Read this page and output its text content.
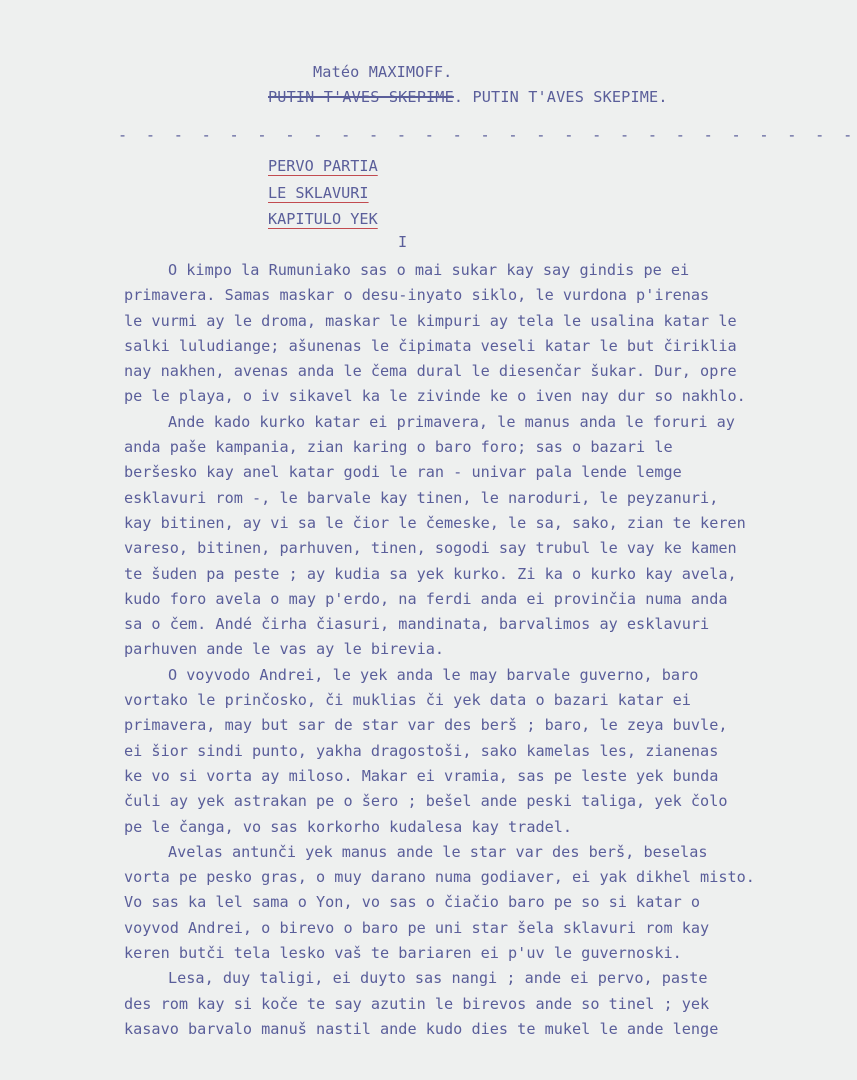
Matéo MAXIMOFF.
PUTIN T'AVES SKEPIME. PUTIN T'AVES SKEPIME.
- - - - - - - - - - - - - - - - - - - - - - - - - - -
PERVO PARTIA
LE SKLAVURI
KAPITULO YEK
I
O kimpo la Rumuniako sas o mai sukar kay say gindis pe ei
primavera. Samas maskar o desu-inyato siklo, le vurdona p'irenas
le vurmi ay le droma, maskar le kimpuri ay tela le usalina katar le
salki luludiange; ašunenas le čipimata veseli katar le but čiriklia
nay nakhen, avenas anda le čema dural le diesenčar šukar. Dur, opre
pe le playa, o iv sikavel ka le zivinde ke o iven nay dur so nakhlo.
Ande kado kurko katar ei primavera, le manus anda le foruri ay
anda paše kampania, zian karing o baro foro; sas o bazari le
beršesko kay anel katar godi le ran - univar pala lende lemge
esklavuri rom -, le barvale kay tinen, le naroduri, le peyzanuri,
kay bitinen, ay vi sa le čior le čemeske, le sa, sako, zian te keren
vareso, bitinen, parhuven, tinen, sogodi say trubul le vay ke kamen
te šuden pa peste ; ay kudia sa yek kurko. Zi ka o kurko kay avela,
kudo foro avela o may p'erdo, na ferdi anda ei provinčia numa anda
sa o čem. Andé čirha čiasuri, mandinata, barvalimos ay esklavuri
parhuven ande le vas ay le birevia.
O voyvodo Andrei, le yek anda le may barvale guverno, baro
vortako le prinčosko, či muklias či yek data o bazari katar ei
primavera, may but sar de star var des berš ; baro, le zeya buvle,
ei šior sindi punto, yakha dragostoši, sako kamelas les, zianenas
ke vo si vorta ay miloso. Makar ei vramia, sas pe leste yek bunda
čuli ay yek astrakan pe o šero ; bešel ande peski taliga, yek čolo
pe le čanga, vo sas korkorho kudalesa kay tradel.
Avelas antunči yek manus ande le star var des berš, beselas
vorta pe pesko gras, o muy darano numa godiaver, ei yak dikhel misto.
Vo sas ka lel sama o Yon, vo sas o čiačio baro pe so si katar o
voyvod Andrei, o birevo o baro pe uni star šela sklavuri rom kay
keren butči tela lesko vaš te bariaren ei p'uv le guvernoski.
Lesa, duy taligi, ei duyto sas nangi ; ande ei pervo, paste
des rom kay si koče te say azutin le birevos ande so tinel ; yek
kasavo barvalo manuš nastil ande kudo dies te mukel le ande lenge
